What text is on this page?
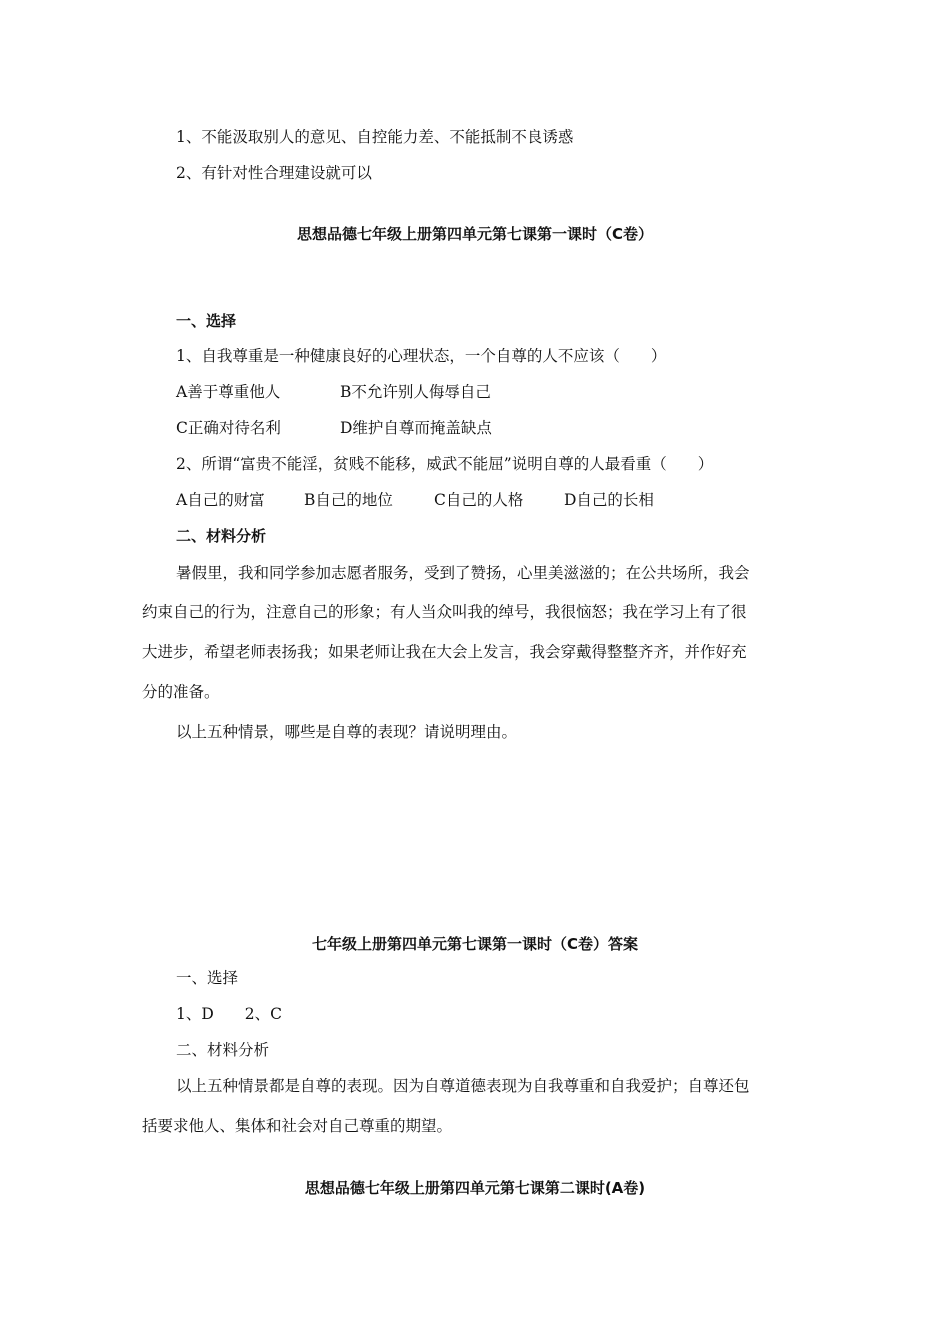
1、不能汲取别人的意见、自控能力差、不能抵制不良诱惑
2、有针对性合理建设就可以
思想品德七年级上册第四单元第七课第一课时（C卷）
一、选择
1、自我尊重是一种健康良好的心理状态，一个自尊的人不应该（　　）
A善于尊重他人	B不允许别人侮辱自己
C正确对待名利	D维护自尊而掩盖缺点
2、所谓“富贵不能淫，贫贱不能移，威武不能屈”说明自尊的人最看重（　　）
A自己的财富	B自己的地位	C自己的人格	D自己的长相
二、材料分析
暑假里，我和同学参加志愿者服务，受到了赞扬，心里美滋滋的；在公共场所，我会
约束自己的行为，注意自己的形象；有人当众叫我的绰号，我很恼怒；我在学习上有了很
大进步，希望老师表扬我；如果老师让我在大会上发言，我会穿戴得整整齐齐，并作好充
分的准备。
以上五种情景，哪些是自尊的表现？请说明理由。
七年级上册第四单元第七课第一课时（C卷）答案
一、选择
1、D　　2、C
二、材料分析
以上五种情景都是自尊的表现。因为自尊道德表现为自我尊重和自我爱护；自尊还包
括要求他人、集体和社会对自己尊重的期望。
思想品德七年级上册第四单元第七课第二课时(A卷)
